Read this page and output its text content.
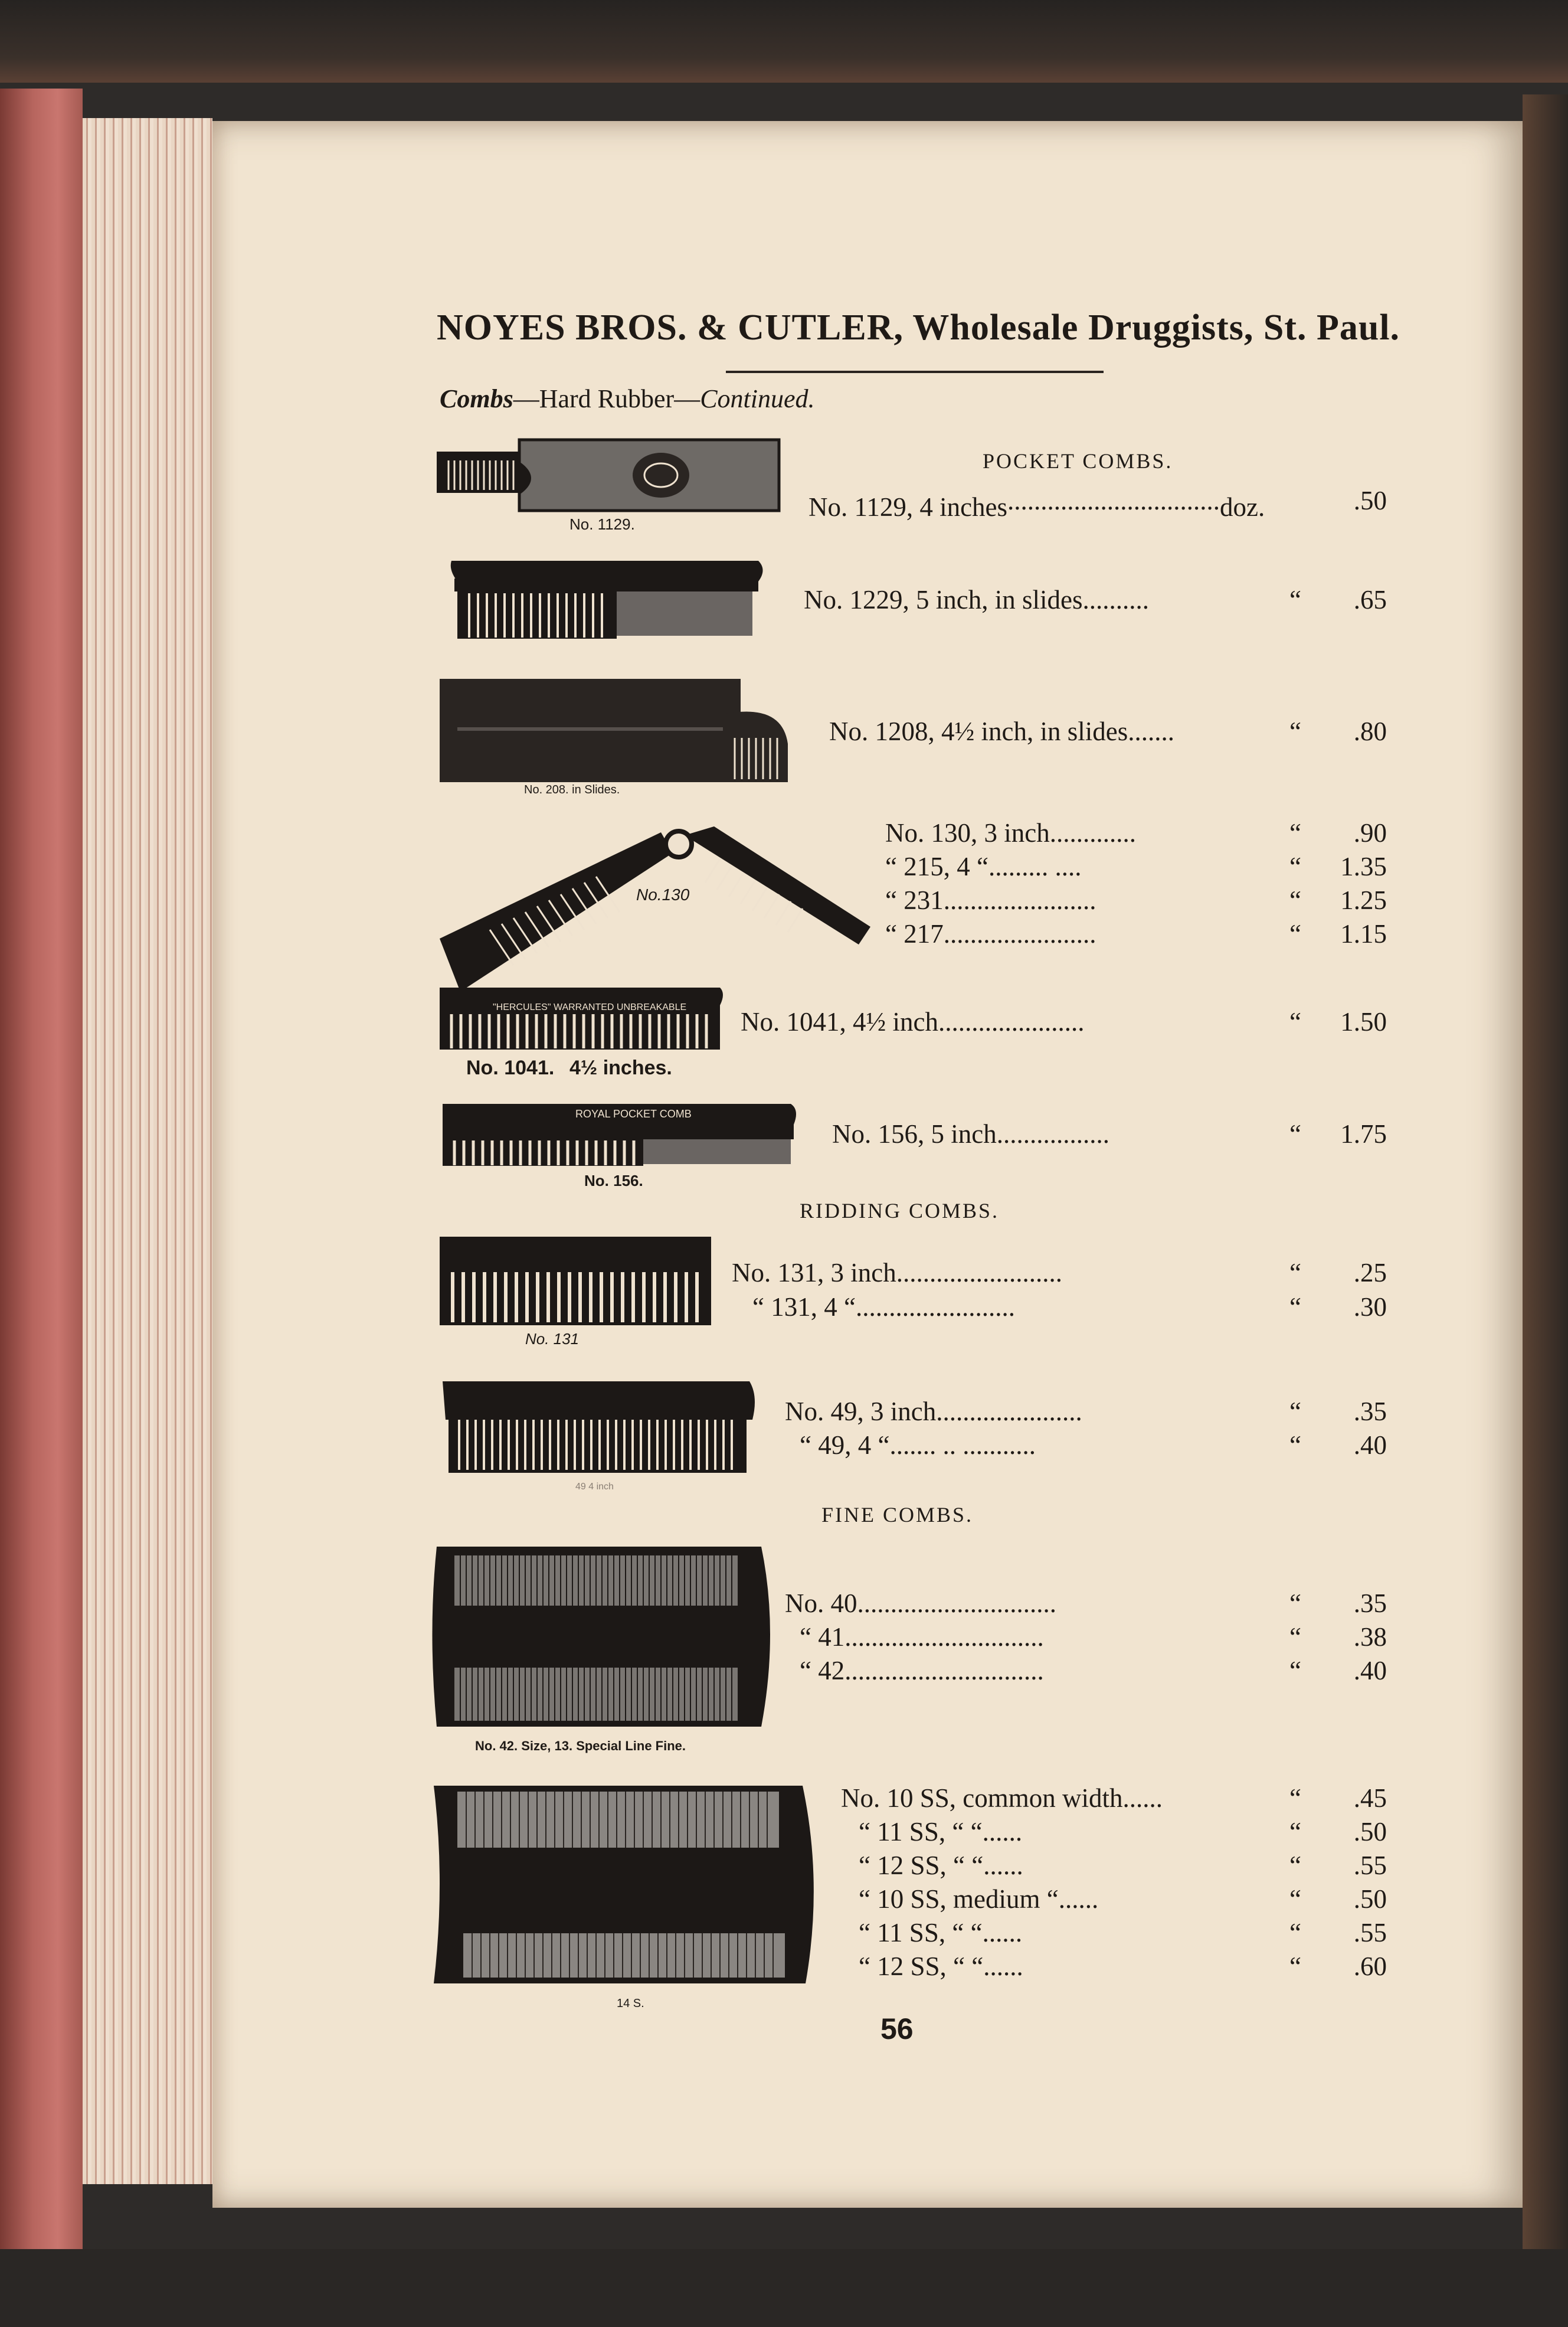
NOYES BROS. & CUTLER, Wholesale Druggists, St. Paul.
Combs—Hard Rubber—Continued.
POCKET COMBS.
RIDDING COMBS.
FINE COMBS.
No. 1129, 4 inches................................doz.	.50
No. 1229, 5 inch, in slides..........	“	.65
No. 1208, 4½ inch, in slides.......	“	.80
No. 130, 3 inch.............	“	.90
“ 215, 4 “......... ....	“	1.35
“ 231.......................	“	1.25
“ 217.......................	“	1.15
No. 1041, 4½ inch......................	“	1.50
No. 156, 5 inch.................	“	1.75
No. 131, 3 inch.........................	“	.25
“ 131, 4 “........................	“	.30
No. 49, 3 inch......................	“	.35
“ 49, 4 “....... .. ...........	“	.40
No. 40..............................	“	.35
“ 41..............................	“	.38
“ 42..............................	“	.40
No. 10 SS, common width......	“	.45
“ 11 SS, “ “......	“	.50
“ 12 SS, “ “......	“	.55
“ 10 SS, medium “......	“	.50
“ 11 SS, “ “......	“	.55
“ 12 SS, “ “......	“	.60
No. 1129.
No. 208. in Slides.
No.130
"HERCULES" WARRANTED UNBREAKABLE
No. 1041. 4½ inches.
ROYAL POCKET COMB
No. 156.
No. 131
49 4 inch
No. 42. Size, 13. Special Line Fine.
14 S.
56
